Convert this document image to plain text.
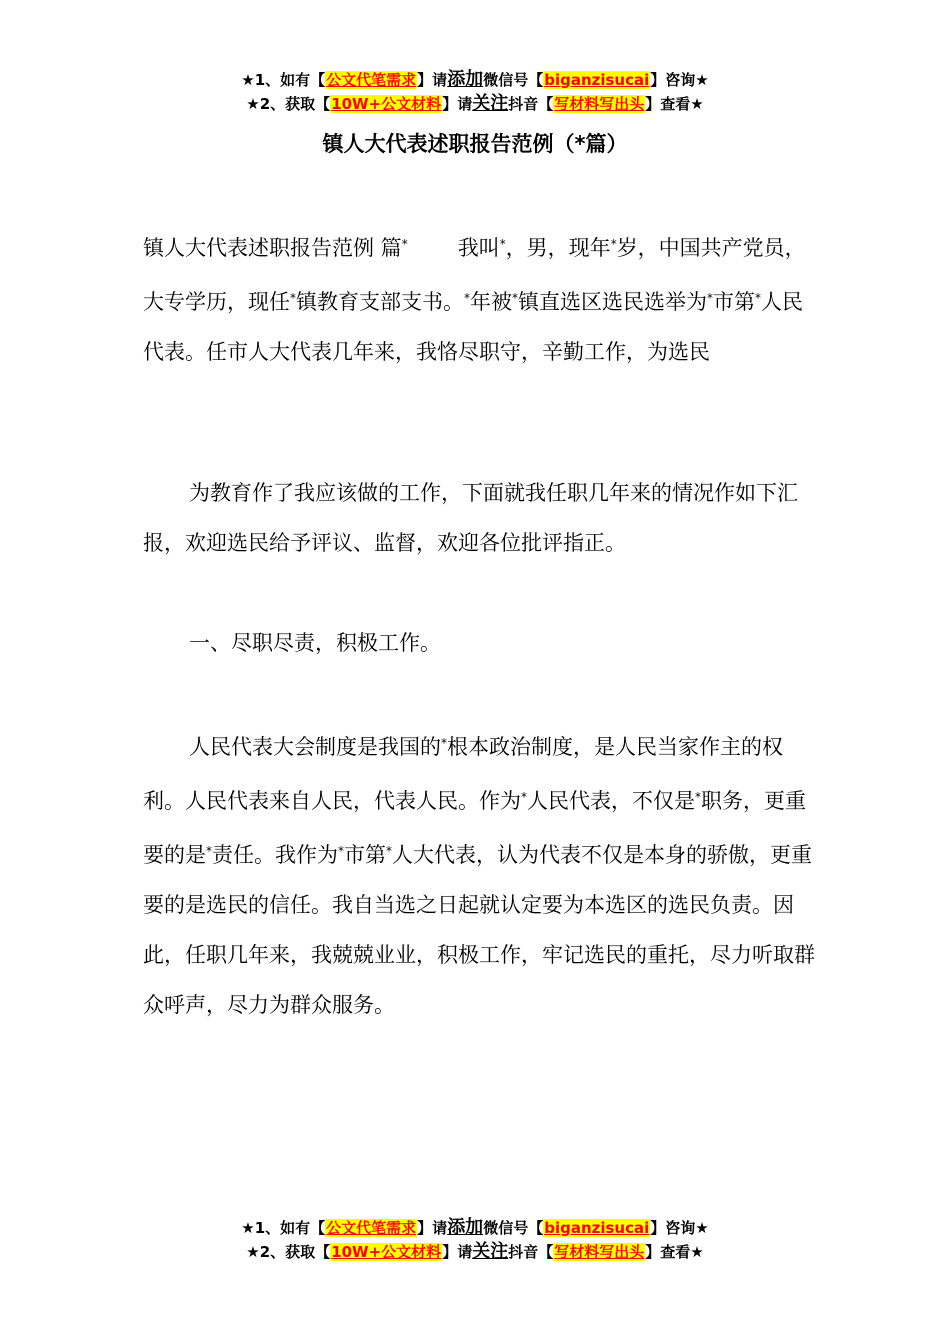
★1、如有【公文代笔需求】请添加微信号【biganzisucai】咨询★
★2、获取【10W+公文材料】请关注抖音【写材料写出头】查看★
镇人大代表述职报告范例（*篇）

镇人大代表述职报告范例 篇* 我叫*，男，现年*岁，中国共产党员，大专学历，现任*镇教育支部支书。*年被*镇直选区选民选举为*市第*人民代表。任市人大代表几年来，我恪尽职守，辛勤工作，为选民

为教育作了我应该做的工作，下面就我任职几年来的情况作如下汇报，欢迎选民给予评议、监督，欢迎各位批评指正。

一、尽职尽责，积极工作。

人民代表大会制度是我国的*根本政治制度，是人民当家作主的权利。人民代表来自人民，代表人民。作为*人民代表，不仅是*职务，更重要的是*责任。我作为*市第*人大代表，认为代表不仅是本身的骄傲，更重要的是选民的信任。我自当选之日起就认定要为本选区的选民负责。因此，任职几年来，我兢兢业业，积极工作，牢记选民的重托，尽力听取群众呼声，尽力为群众服务。

★1、如有【公文代笔需求】请添加微信号【biganzisucai】咨询★
★2、获取【10W+公文材料】请关注抖音【写材料写出头】查看★
